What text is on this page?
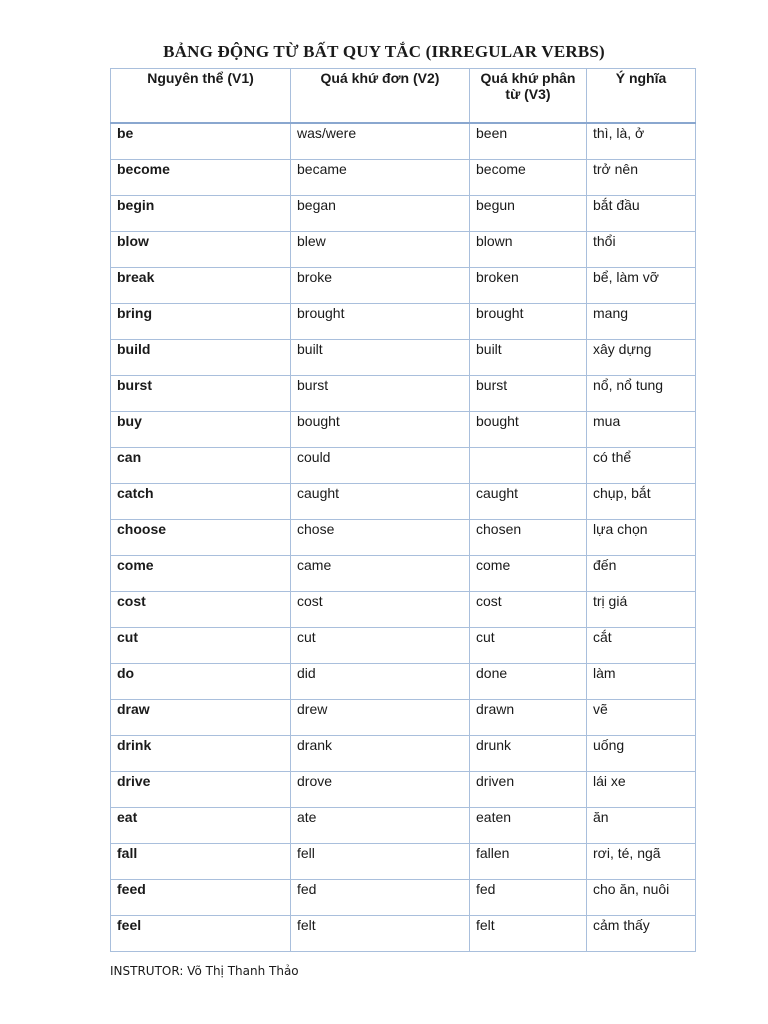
BẢNG ĐỘNG TỪ BẤT QUY TẮC (IRREGULAR VERBS)
Nguyên thể (V1)	Quá khứ đơn (V2)	Quá khứ phân từ (V3)	Ý nghĩa
be	was/were	been	thì, là, ở
become	became	become	trở nên
begin	began	begun	bắt đầu
blow	blew	blown	thổi
break	broke	broken	bể, làm vỡ
bring	brought	brought	mang
build	built	built	xây dựng
burst	burst	burst	nổ, nổ tung
buy	bought	bought	mua
can	could		có thể
catch	caught	caught	chụp, bắt
choose	chose	chosen	lựa chọn
come	came	come	đến
cost	cost	cost	trị giá
cut	cut	cut	cắt
do	did	done	làm
draw	drew	drawn	vẽ
drink	drank	drunk	uống
drive	drove	driven	lái xe
eat	ate	eaten	ăn
fall	fell	fallen	rơi, té, ngã
feed	fed	fed	cho ăn, nuôi
feel	felt	felt	cảm thấy
INSTRUTOR: Võ Thị Thanh Thảo
